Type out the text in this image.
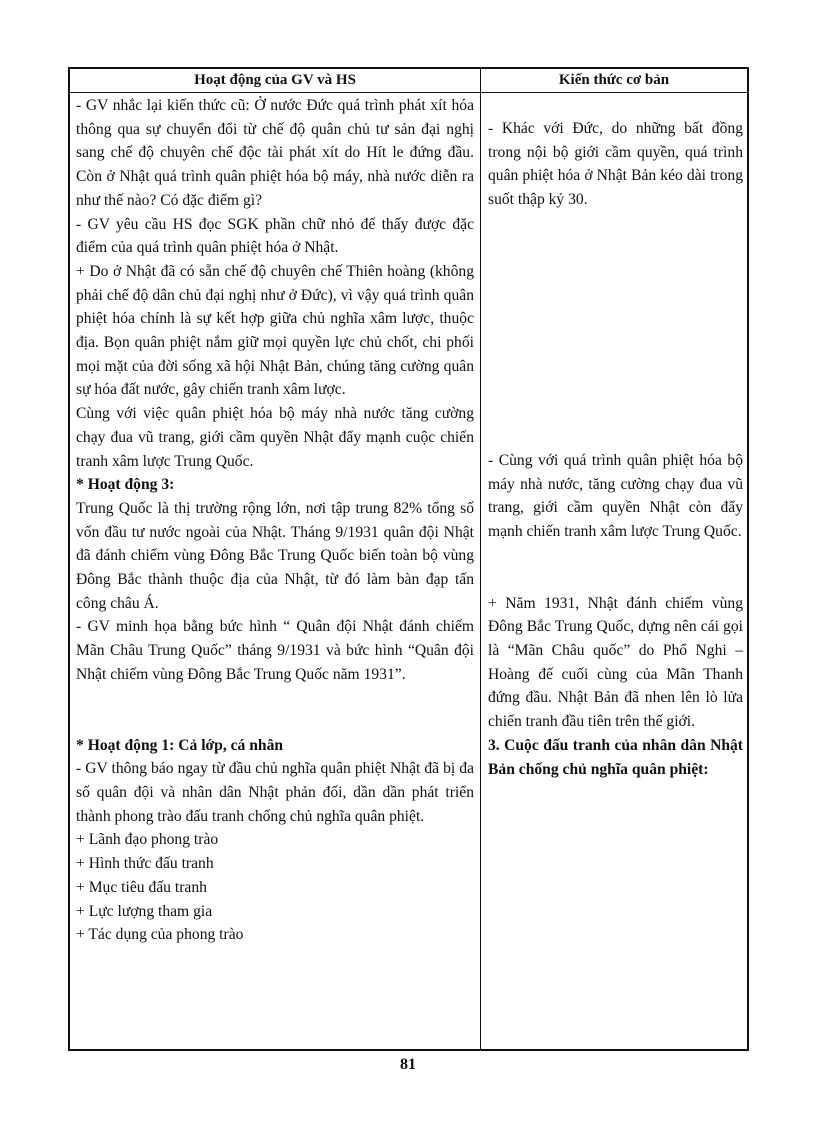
Hoạt động của GV và HS	Kiến thức cơ bản

- GV nhắc lại kiến thức cũ: Ở nước Đức quá trình phát xít hóa thông qua sự chuyển đổi từ chế độ quân chủ tư sản đại nghị sang chế độ chuyên chế độc tài phát xít do Hít le đứng đầu. Còn ở Nhật quá trình quân phiệt hóa bộ máy, nhà nước diễn ra như thế nào? Có đặc điểm gì?

- GV yêu cầu HS đọc SGK phần chữ nhỏ để thấy được đặc điểm của quá trình quân phiệt hóa ở Nhật.

+ Do ở Nhật đã có sẵn chế độ chuyên chế Thiên hoàng (không phải chế độ dân chủ đại nghị như ở Đức), vì vậy quá trình quân phiệt hóa chính là sự kết hợp giữa chủ nghĩa xâm lược, thuộc địa. Bọn quân phiệt nắm giữ mọi quyền lực chủ chốt, chi phối mọi mặt của đời sống xã hội Nhật Bản, chúng tăng cường quân sự hóa đất nước, gây chiến tranh xâm lược.

Cùng với việc quân phiệt hóa bộ máy nhà nước tăng cường chạy đua vũ trang, giới cầm quyền Nhật đẩy mạnh cuộc chiến tranh xâm lược Trung Quốc.

* Hoạt động 3:

Trung Quốc là thị trường rộng lớn, nơi tập trung 82% tổng số vốn đầu tư nước ngoài của Nhật. Tháng 9/1931 quân đội Nhật đã đánh chiếm vùng Đông Bắc Trung Quốc biến toàn bộ vùng Đông Bắc thành thuộc địa của Nhật, từ đó làm bàn đạp tấn công châu Á.

- GV minh họa bằng bức hình “ Quân đội Nhật đánh chiếm Mãn Châu Trung Quốc” tháng 9/1931 và bức hình “Quân đội Nhật chiếm vùng Đông Bắc Trung Quốc năm 1931”.

* Hoạt động 1: Cả lớp, cá nhân

- GV thông báo ngay từ đầu chủ nghĩa quân phiệt Nhật đã bị đa số quân đội và nhân dân Nhật phản đối, dần dần phát triển thành phong trào đấu tranh chống chủ nghĩa quân phiệt.

+ Lãnh đạo phong trào

+ Hình thức đấu tranh

+ Mục tiêu đấu tranh

+ Lực lượng tham gia

+ Tác dụng của phong trào

- Khác với Đức, do những bất đồng trong nội bộ giới cầm quyền, quá trình quân phiệt hóa ở Nhật Bản kéo dài trong suốt thập kỷ 30.

- Cùng với quá trình quân phiệt hóa bộ máy nhà nước, tăng cường chạy đua vũ trang, giới cầm quyền Nhật còn đẩy mạnh chiến tranh xâm lược Trung Quốc.

+ Năm 1931, Nhật đánh chiếm vùng Đông Bắc Trung Quốc, dựng nên cái gọi là “Mãn Châu quốc” do Phổ Nghi – Hoàng đế cuối cùng của Mãn Thanh đứng đầu. Nhật Bản đã nhen lên lò lửa chiến tranh đầu tiên trên thế giới.

3. Cuộc đấu tranh của nhân dân Nhật Bản chống chủ nghĩa quân phiệt:

81
